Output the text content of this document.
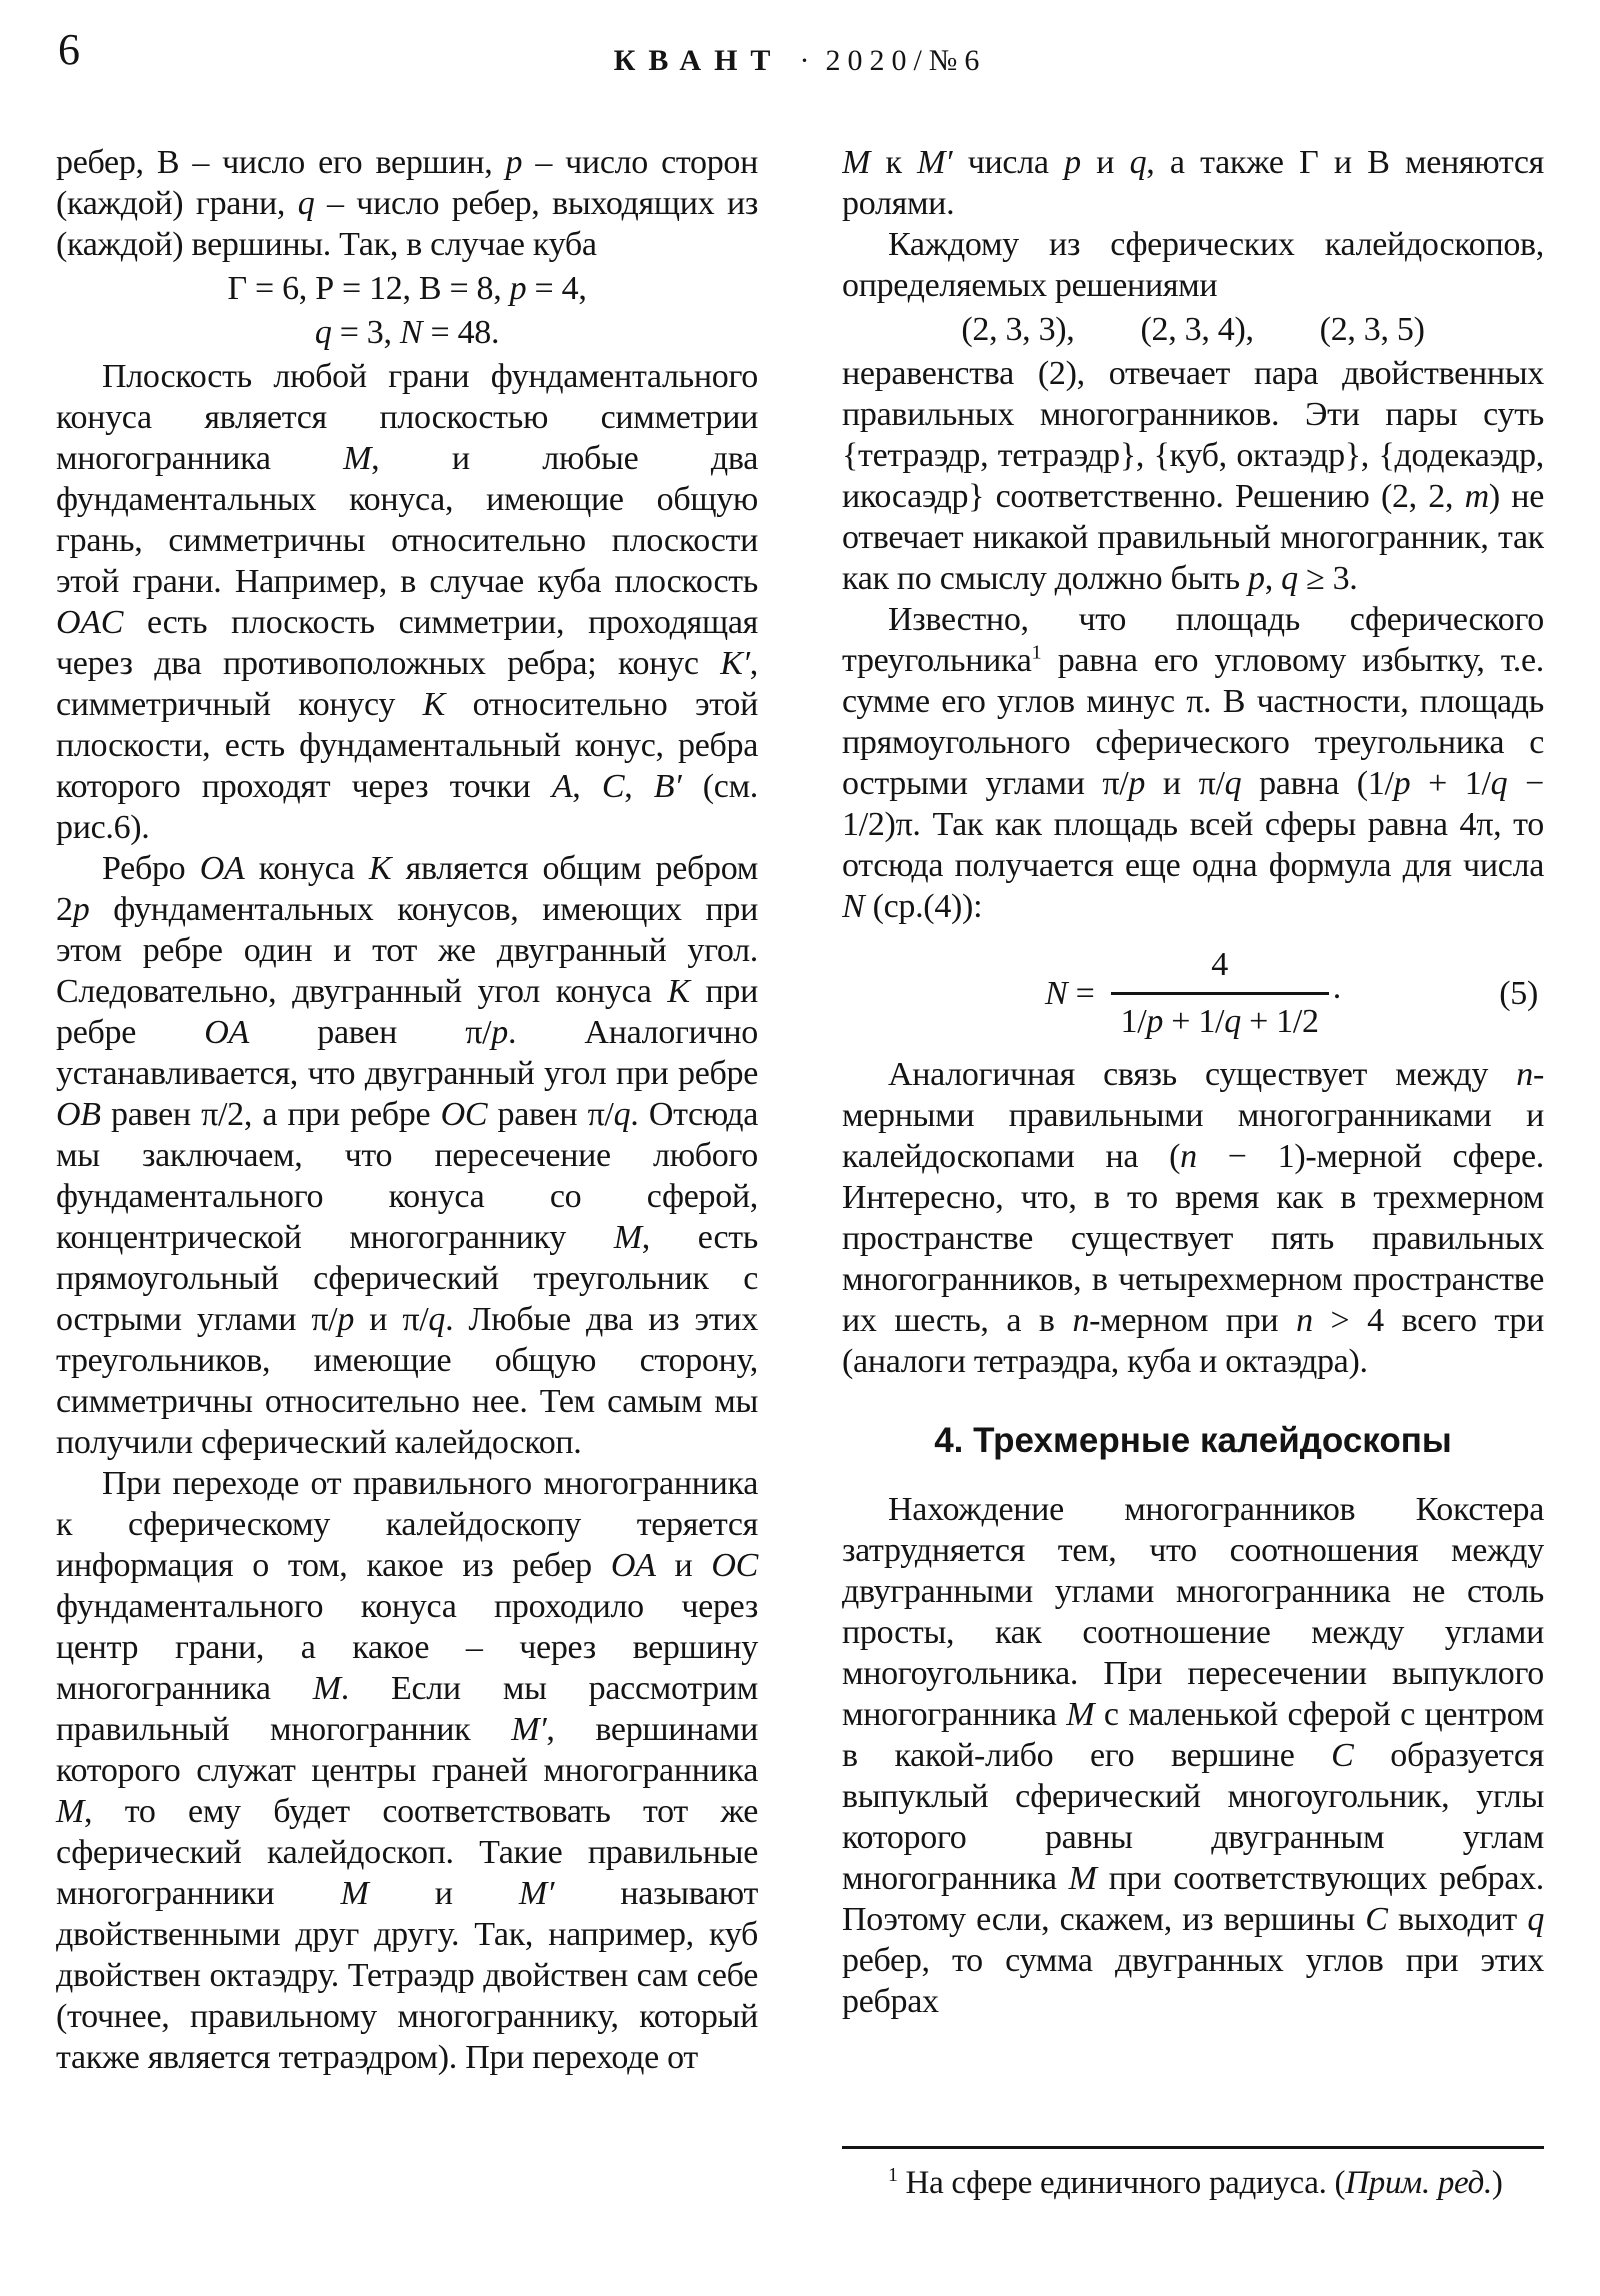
6	КВАНТ · 2020/№6

ребер, В – число его вершин, p – число сторон (каждой) грани, q – число ребер, выходящих из (каждой) вершины. Так, в случае куба

Г = 6, Р = 12, В = 8, p = 4,
q = 3, N = 48.

Плоскость любой грани фундаментального конуса является плоскостью симметрии многогранника M, и любые два фундаментальных конуса, имеющие общую грань, симметричны относительно плоскости этой грани. Например, в случае куба плоскость OAC есть плоскость симметрии, проходящая через два противоположных ребра; конус K′, симметричный конусу K относительно этой плоскости, есть фундаментальный конус, ребра которого проходят через точки A, C, B′ (см. рис.6).

Ребро OA конуса K является общим ребром 2p фундаментальных конусов, имеющих при этом ребре один и тот же двугранный угол. Следовательно, двугранный угол конуса K при ребре OA равен π/p. Аналогично устанавливается, что двугранный угол при ребре OB равен π/2, а при ребре OC равен π/q. Отсюда мы заключаем, что пересечение любого фундаментального конуса со сферой, концентрической многограннику M, есть прямоугольный сферический треугольник с острыми углами π/p и π/q. Любые два из этих треугольников, имеющие общую сторону, симметричны относительно нее. Тем самым мы получили сферический калейдоскоп.

При переходе от правильного многогранника к сферическому калейдоскопу теряется информация о том, какое из ребер OA и OC фундаментального конуса проходило через центр грани, а какое – через вершину многогранника M. Если мы рассмотрим правильный многогранник M′, вершинами которого служат центры граней многогранника M, то ему будет соответствовать тот же сферический калейдоскоп. Такие правильные многогранники M и M′ называют двойственными друг другу. Так, например, куб двойствен октаэдру. Тетраэдр двойствен сам себе (точнее, правильному многограннику, который также является тетраэдром). При переходе от

M к M′ числа p и q, а также Г и В меняются ролями.

Каждому из сферических калейдоскопов, определяемых решениями

(2, 3, 3), (2, 3, 4), (2, 3, 5)

неравенства (2), отвечает пара двойственных правильных многогранников. Эти пары суть {тетраэдр, тетраэдр}, {куб, октаэдр}, {додекаэдр, икосаэдр} соответственно. Решению (2, 2, m) не отвечает никакой правильный многогранник, так как по смыслу должно быть p, q ≥ 3.

Известно, что площадь сферического треугольника$^1$ равна его угловому избытку, т.е. сумме его углов минус π. В частности, площадь прямоугольного сферического треугольника с острыми углами π/p и π/q равна (1/p + 1/q − 1/2)π. Так как площадь всей сферы равна 4π, то отсюда получается еще одна формула для числа N (ср.(4)):

$N = \frac{4}{1/p + 1/q + 1/2}$ .	(5)

Аналогичная связь существует между n-мерными правильными многогранниками и калейдоскопами на (n − 1)-мерной сфере. Интересно, что, в то время как в трехмерном пространстве существует пять правильных многогранников, в четырехмерном пространстве их шесть, а в n-мерном при n > 4 всего три (аналоги тетраэдра, куба и октаэдра).

4. Трехмерные калейдоскопы

Нахождение многогранников Кокстера затрудняется тем, что соотношения между двугранными углами многогранника не столь просты, как соотношение между углами многоугольника. При пересечении выпуклого многогранника M с маленькой сферой с центром в какой-либо его вершине C образуется выпуклый сферический многоугольник, углы которого равны двугранным углам многогранника M при соответствующих ребрах. Поэтому если, скажем, из вершины C выходит q ребер, то сумма двугранных углов при этих ребрах

$^1$ На сфере единичного радиуса. (Прим. ред.)
